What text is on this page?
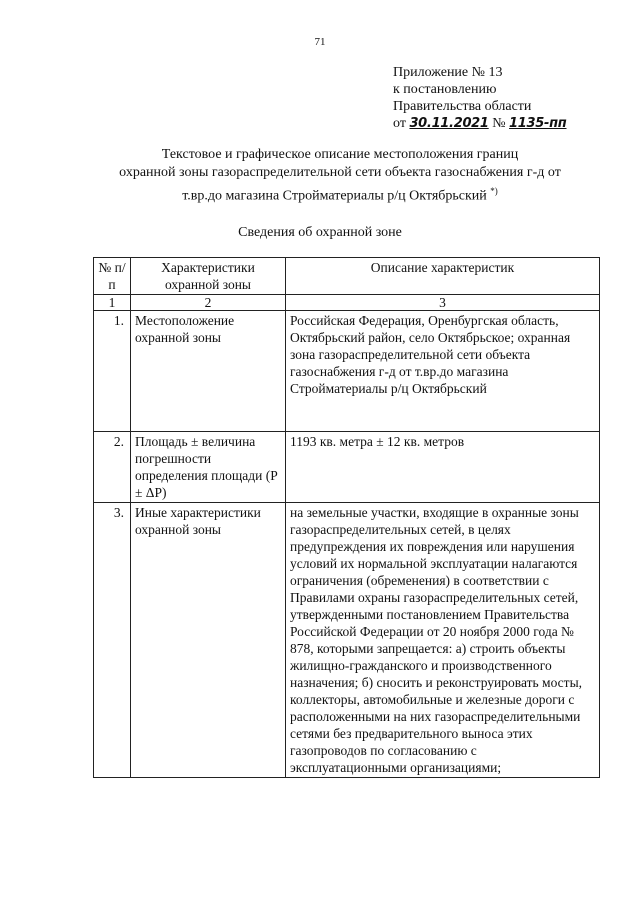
71
Приложение № 13
к постановлению
Правительства области
от 30.11.2021 № 1135-пп
Текстовое и графическое описание местоположения границ
охранной зоны газораспределительной сети объекта газоснабжения г-д от
т.вр.до магазина Стройматериалы р/ц Октябрьский *)
Сведения об охранной зоне
№ п/п	Характеристики охранной зоны	Описание характеристик
1	2	3
1.	Местоположение охранной зоны	Российская Федерация, Оренбургская область, Октябрьский район, село Октябрьское; охранная зона газораспределительной сети объекта газоснабжения г-д от т.вр.до магазина Стройматериалы р/ц Октябрьский
2.	Площадь ± величина погрешности определения площади (P ± ΔP)	1193 кв. метра ± 12 кв. метров
3.	Иные характеристики охранной зоны	на земельные участки, входящие в охранные зоны газораспределительных сетей, в целях предупреждения их повреждения или нарушения условий их нормальной эксплуатации налагаются ограничения (обременения) в соответствии с Правилами охраны газораспределительных сетей, утвержденными постановлением Правительства Российской Федерации от 20 ноября 2000 года № 878, которыми запрещается: а) строить объекты жилищно-гражданского и производственного назначения; б) сносить и реконструировать мосты, коллекторы, автомобильные и железные дороги с расположенными на них газораспределительными сетями без предварительного выноса этих газопроводов по согласованию с эксплуатационными организациями;
